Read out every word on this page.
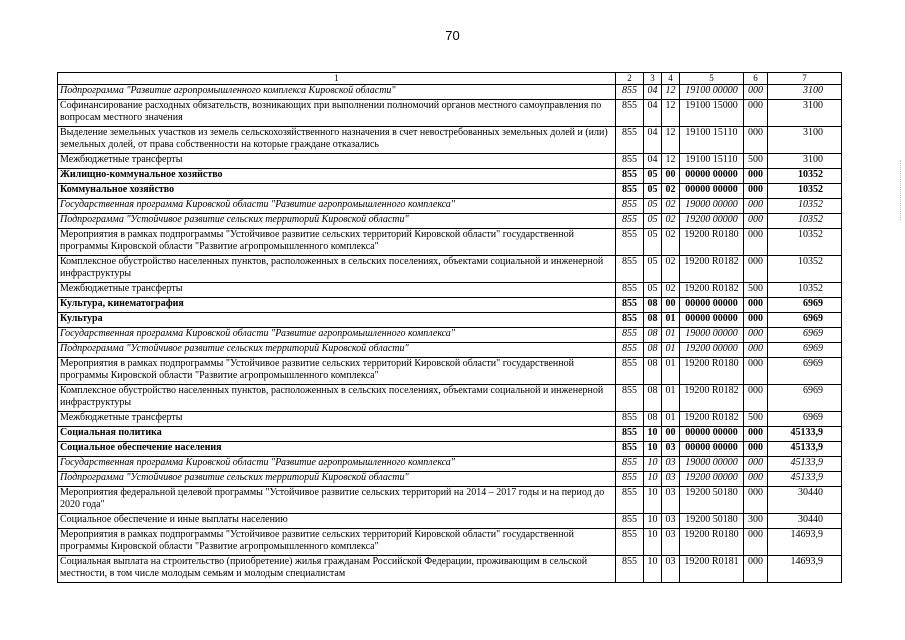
70
1	2	3	4	5	6	7
Подпрограмма "Развитие агропромышленного комплекса Кировской области"	855	04	12	19100 00000	000	3100
Софинансирование расходных обязательств, возникающих при выполнении полномочий органов местного самоуправления по вопросам местного значения	855	04	12	19100 15000	000	3100
Выделение земельных участков из земель сельскохозяйственного назначения в счет невостребованных земельных долей и (или) земельных долей, от права собственности на которые граждане отказались	855	04	12	19100 15110	000	3100
Межбюджетные трансферты	855	04	12	19100 15110	500	3100
Жилищно-коммунальное хозяйство	855	05	00	00000 00000	000	10352
Коммунальное хозяйство	855	05	02	00000 00000	000	10352
Государственная программа Кировской области "Развитие агропромышленного комплекса"	855	05	02	19000 00000	000	10352
Подпрограмма "Устойчивое развитие сельских территорий Кировской области"	855	05	02	19200 00000	000	10352
Мероприятия в рамках подпрограммы "Устойчивое развитие сельских территорий Кировской области" государственной программы Кировской области "Развитие агропромышленного комплекса"	855	05	02	19200 R0180	000	10352
Комплексное обустройство населенных пунктов, расположенных в сельских поселениях, объектами социальной и инженерной инфраструктуры	855	05	02	19200 R0182	000	10352
Межбюджетные трансферты	855	05	02	19200 R0182	500	10352
Культура, кинематография	855	08	00	00000 00000	000	6969
Культура	855	08	01	00000 00000	000	6969
Государственная программа Кировской области "Развитие агропромышленного комплекса"	855	08	01	19000 00000	000	6969
Подпрограмма "Устойчивое развитие сельских территорий Кировской области"	855	08	01	19200 00000	000	6969
Мероприятия в рамках подпрограммы "Устойчивое развитие сельских территорий Кировской области" государственной программы Кировской области "Развитие агропромышленного комплекса"	855	08	01	19200 R0180	000	6969
Комплексное обустройство населенных пунктов, расположенных в сельских поселениях, объектами социальной и инженерной инфраструктуры	855	08	01	19200 R0182	000	6969
Межбюджетные трансферты	855	08	01	19200 R0182	500	6969
Социальная политика	855	10	00	00000 00000	000	45133,9
Социальное обеспечение населения	855	10	03	00000 00000	000	45133,9
Государственная программа Кировской области "Развитие агропромышленного комплекса"	855	10	03	19000 00000	000	45133,9
Подпрограмма "Устойчивое развитие сельских территорий Кировской области"	855	10	03	19200 00000	000	45133,9
Мероприятия федеральной целевой программы "Устойчивое развитие сельских территорий на 2014 – 2017 годы и на период до 2020 года"	855	10	03	19200 50180	000	30440
Социальное обеспечение и иные выплаты населению	855	10	03	19200 50180	300	30440
Мероприятия в рамках подпрограммы "Устойчивое развитие сельских территорий Кировской области" государственной программы Кировской области "Развитие агропромышленного комплекса"	855	10	03	19200 R0180	000	14693,9
Социальная выплата на строительство (приобретение) жилья гражданам Российской Федерации, проживающим в сельской местности, в том числе молодым семьям и молодым специалистам	855	10	03	19200 R0181	000	14693,9
